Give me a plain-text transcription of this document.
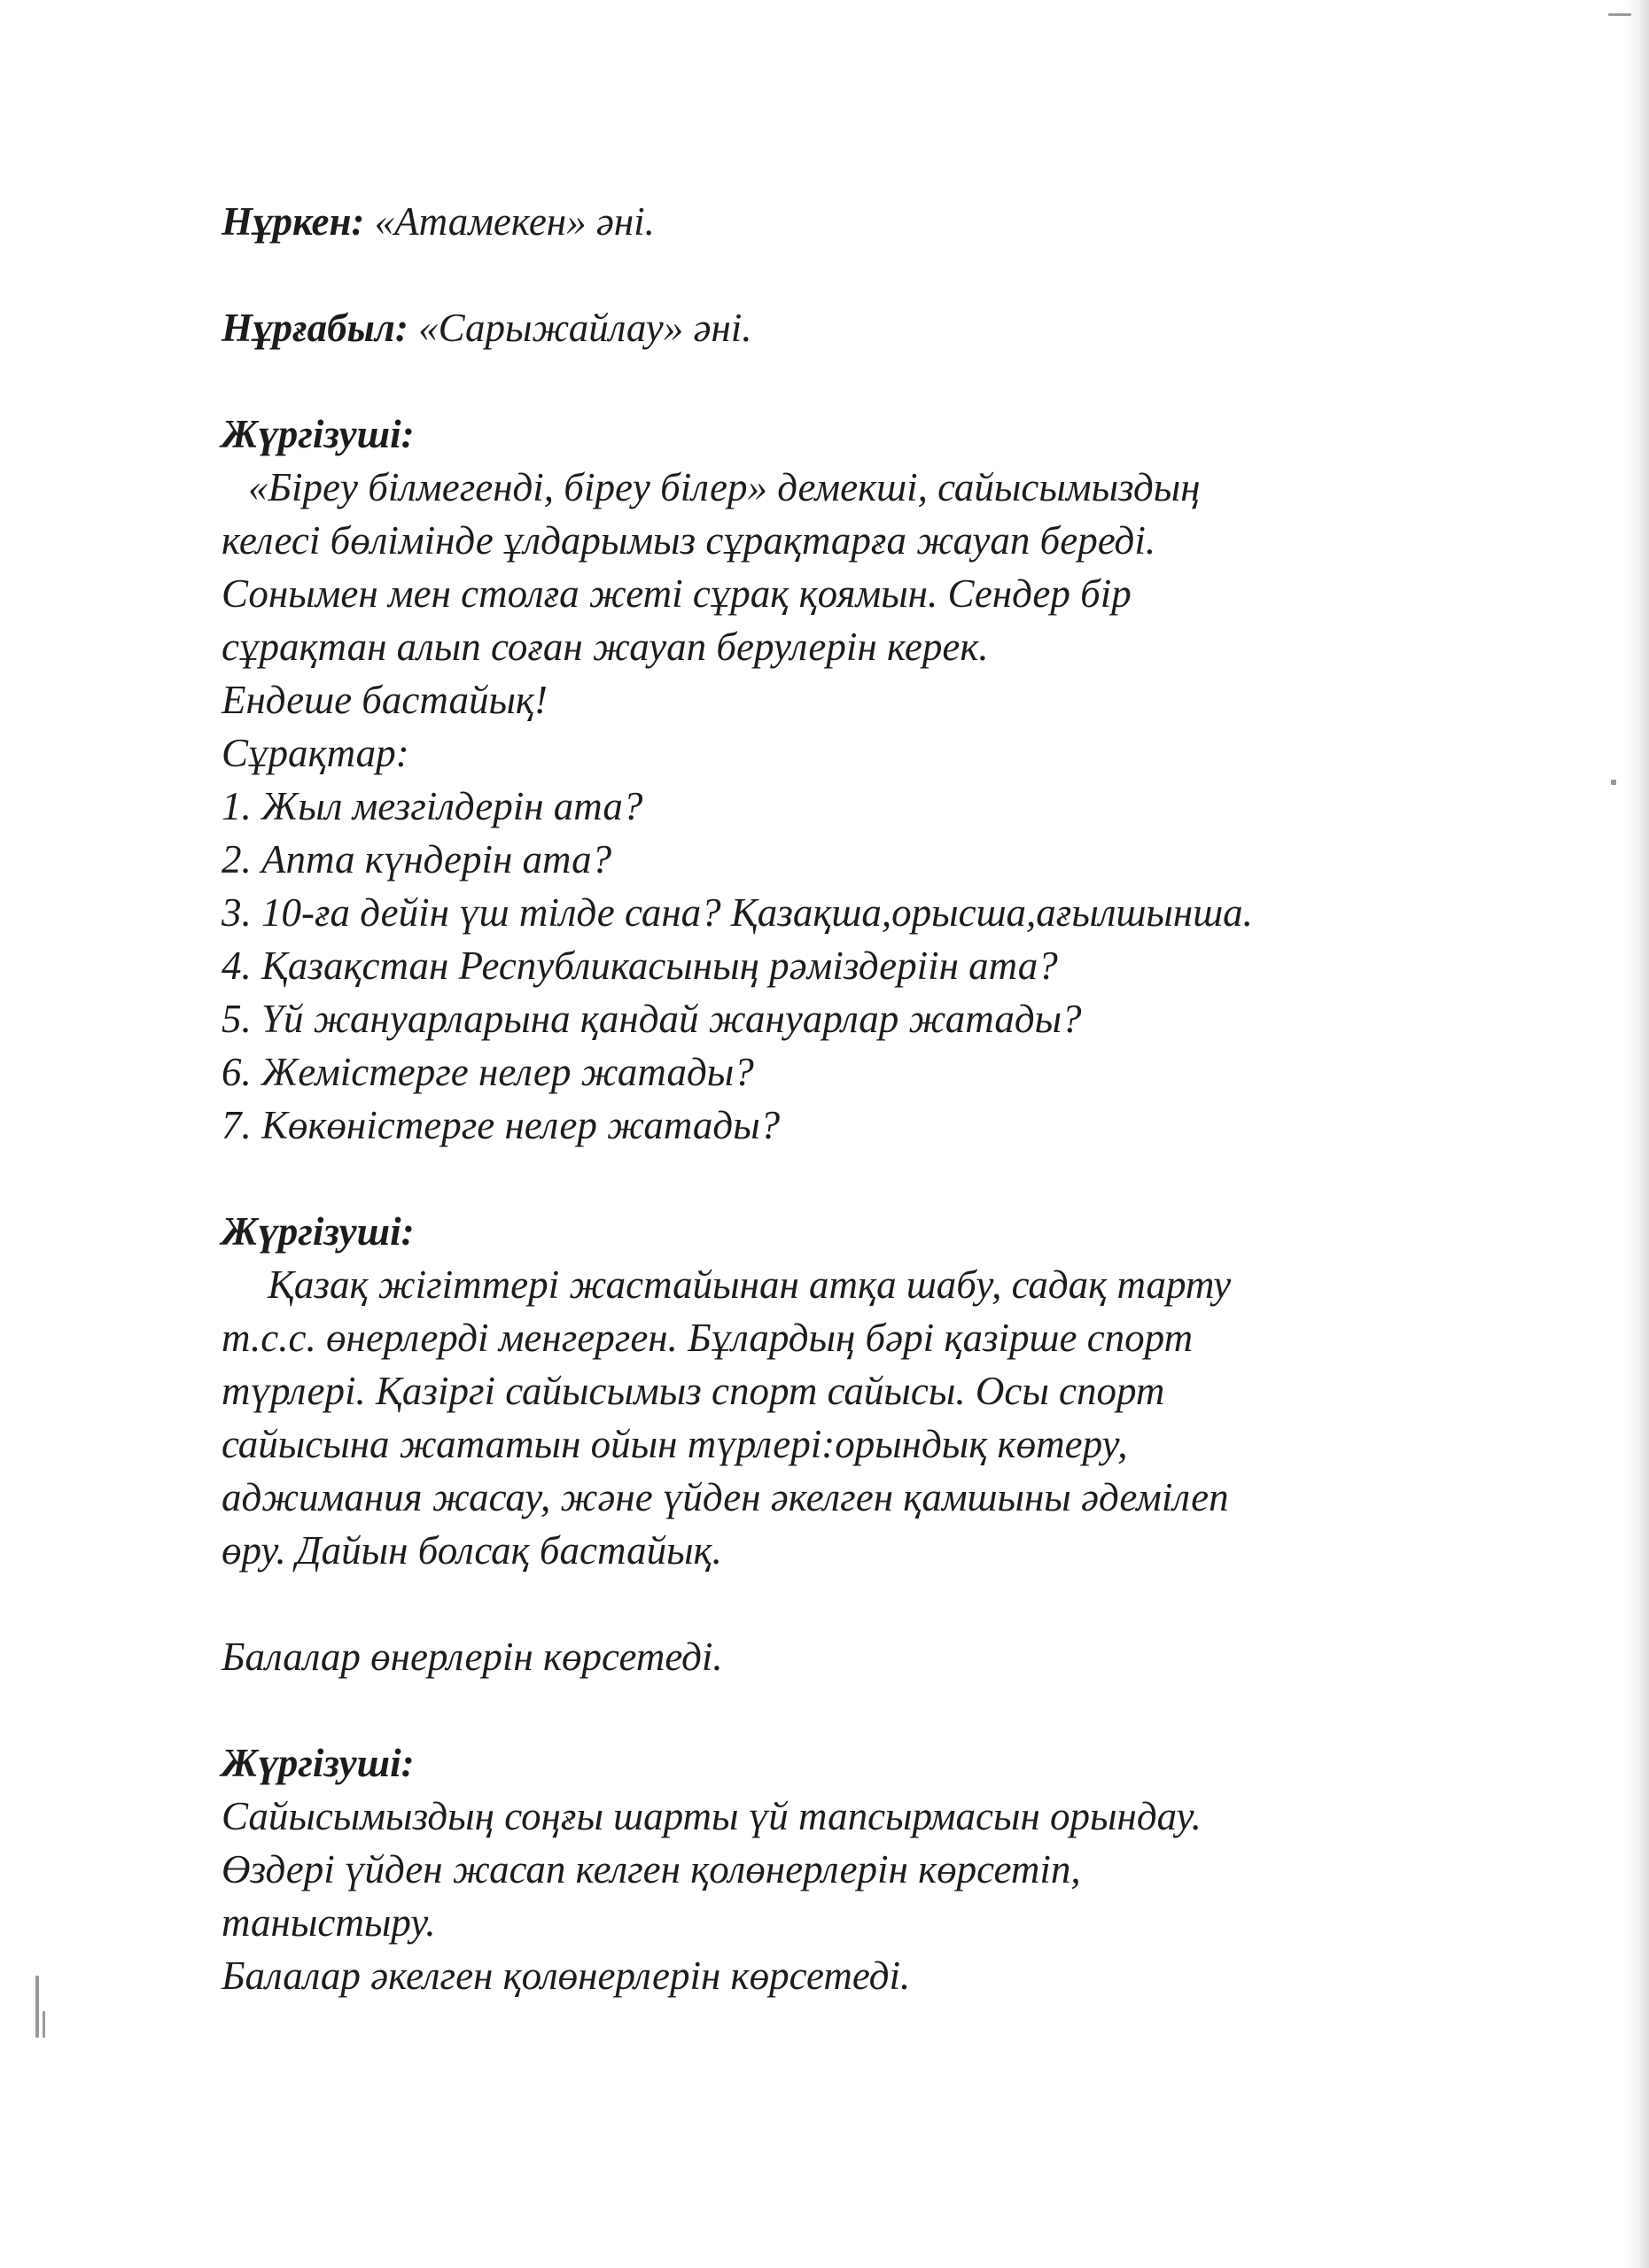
Нұркен: «Атамекен» әні.

Нұрғабыл: «Сарыжайлау» әні.

Жүргізуші:

«Біреу білмегенді, біреу білер» демекші, сайысымыздың

келесі бөлімінде ұлдарымыз сұрақтарға жауап береді.

Сонымен мен столға жеті сұрақ қоямын. Сендер бір

сұрақтан алып соған жауап берулерін керек.

Ендеше бастайық!

Сұрақтар:

1. Жыл мезгілдерін ата?
2. Апта күндерін ата?
3. 10-ға дейін үш тілде сана? Қазақша,орысша,ағылшынша.
4. Қазақстан Республикасының рәміздеріін ата?
5. Үй жануарларына қандай жануарлар жатады?
6. Жемістерге нелер жатады?
7. Көкөністерге нелер жатады?

Жүргізуші:

Қазақ жігіттері жастайынан атқа шабу, садақ тарту

т.с.с. өнерлерді менгерген. Бұлардың бәрі қазірше спорт

түрлері. Қазіргі сайысымыз спорт сайысы. Осы спорт

сайысына жататын ойын түрлері:орындық көтеру,

аджимания жасау, және үйден әкелген қамшыны әдемілеп

өру. Дайын болсақ бастайық.

Балалар өнерлерін көрсетеді.

Жүргізуші:

Сайысымыздың соңғы шарты үй тапсырмасын орындау.

Өздері үйден жасап келген қолөнерлерін көрсетіп,

таныстыру.

Балалар әкелген қолөнерлерін көрсетеді.
